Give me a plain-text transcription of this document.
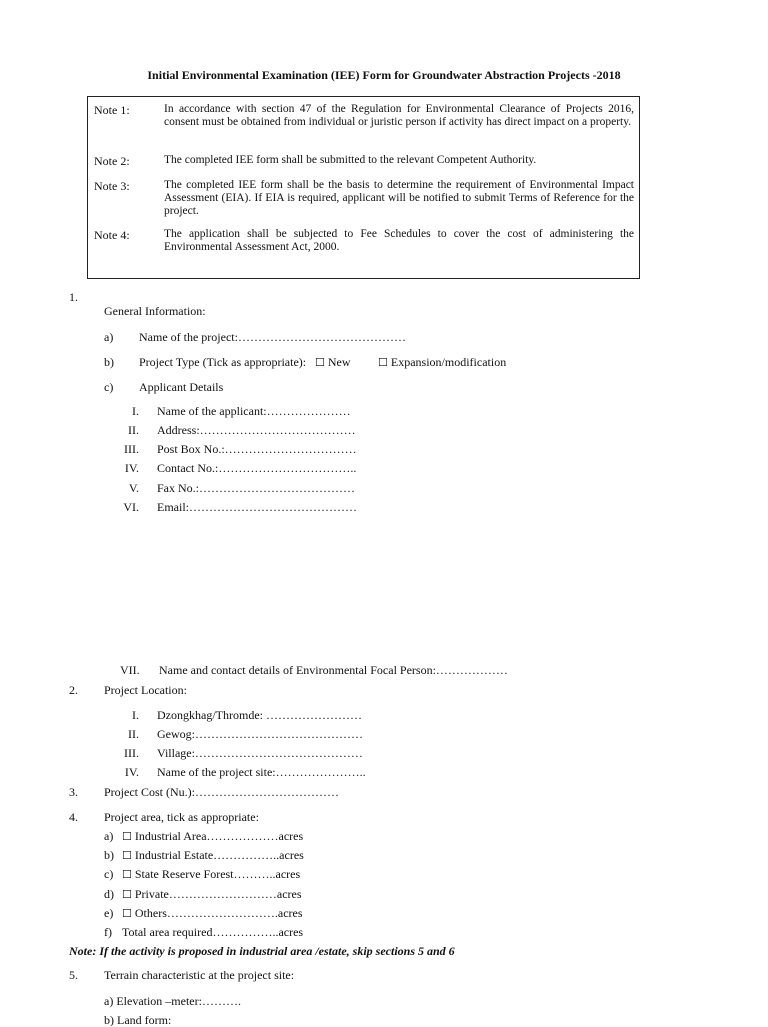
Initial Environmental Examination (IEE) Form for Groundwater Abstraction Projects -2018
Note 1:	In accordance with section 47 of the Regulation for Environmental Clearance of Projects 2016, consent must be obtained from individual or juristic person if activity has direct impact on a property.
Note 2:	The completed IEE form shall be submitted to the relevant Competent Authority.
Note 3:	The completed IEE form shall be the basis to determine the requirement of Environmental Impact Assessment (EIA). If EIA is required, applicant will be notified to submit Terms of Reference for the project.
Note 4:	The application shall be subjected to Fee Schedules to cover the cost of administering the Environmental Assessment Act, 2000.
1.
General Information:
a) Name of the project:……………………………………
b) Project Type (Tick as appropriate): ☐ New ☐ Expansion/modification
c) Applicant Details
I. Name of the applicant:…………………
II. Address:…………………………………
III. Post Box No.:……………………………
IV. Contact No.:……………………………..
V. Fax No.:…………………………………
VI. Email:……………………………………
VII. Name and contact details of Environmental Focal Person:………………
2. Project Location:
I. Dzongkhag/Thromde: ……………………
II. Gewog:……………………………………
III. Village:……………………………………
IV. Name of the project site:…………………..
3. Project Cost (Nu.):………………………………
4. Project area, tick as appropriate:
a) ☐ Industrial Area………………acres
b) ☐ Industrial Estate……………..acres
c) ☐ State Reserve Forest………..acres
d) ☐ Private………………………acres
e) ☐ Others……………………….acres
f) Total area required……………..acres
Note: If the activity is proposed in industrial area /estate, skip sections 5 and 6
5. Terrain characteristic at the project site:
a) Elevation –meter:……….
b) Land form:
